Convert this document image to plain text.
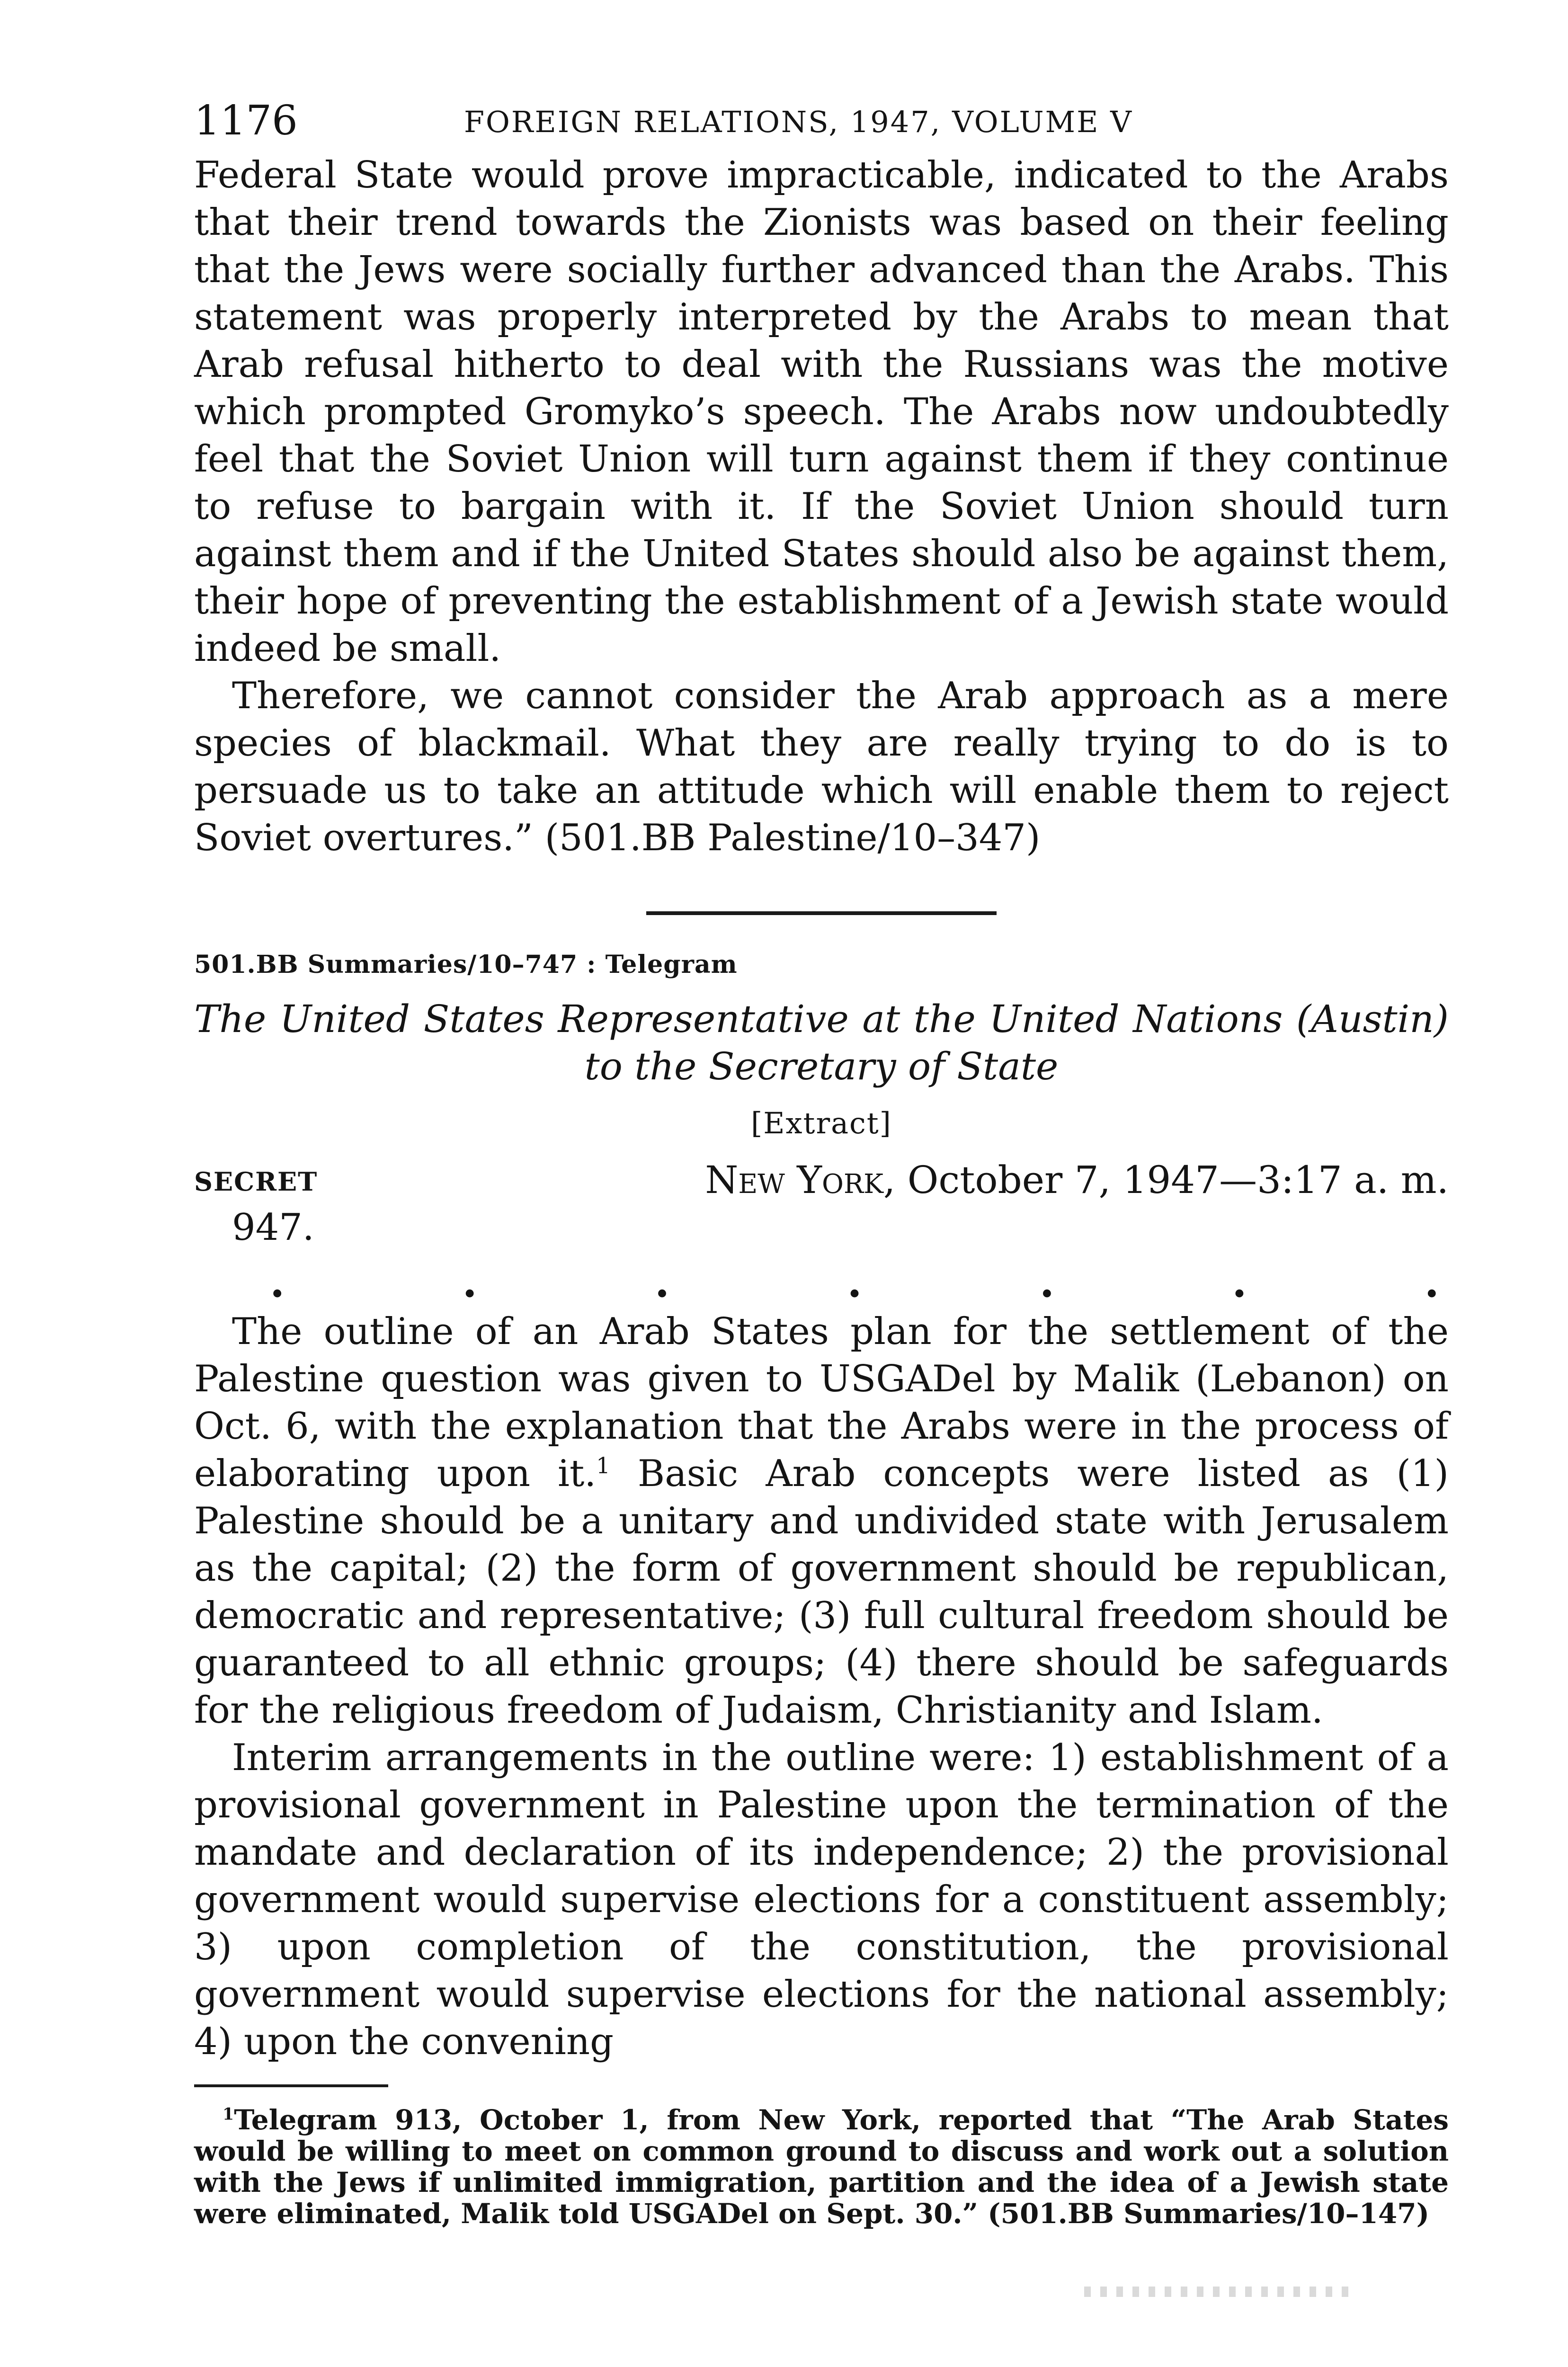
1176	FOREIGN RELATIONS, 1947, VOLUME V

Federal State would prove impracticable, indicated to the Arabs that their trend towards the Zionists was based on their feeling that the Jews were socially further advanced than the Arabs. This statement was properly interpreted by the Arabs to mean that Arab refusal hitherto to deal with the Russians was the motive which prompted Gromyko’s speech. The Arabs now undoubtedly feel that the Soviet Union will turn against them if they continue to refuse to bargain with it. If the Soviet Union should turn against them and if the United States should also be against them, their hope of preventing the establishment of a Jewish state would indeed be small.

Therefore, we cannot consider the Arab approach as a mere species of blackmail. What they are really trying to do is to persuade us to take an attitude which will enable them to reject Soviet overtures.” (501.BB Palestine/10–347)

501.BB Summaries/10–747 : Telegram
The United States Representative at the United Nations (Austin)
to the Secretary of State
[Extract]
SECRET	New York, October 7, 1947—3:17 a. m.
947.
.	.	.	.	.	.	.

The outline of an Arab States plan for the settlement of the Palestine question was given to USGADel by Malik (Lebanon) on Oct. 6, with the explanation that the Arabs were in the process of elaborating upon it.$^1$ Basic Arab concepts were listed as (1) Palestine should be a unitary and undivided state with Jerusalem as the capital; (2) the form of government should be republican, democratic and representative; (3) full cultural freedom should be guaranteed to all ethnic groups; (4) there should be safeguards for the religious freedom of Judaism, Christianity and Islam.

Interim arrangements in the outline were: 1) establishment of a provisional government in Palestine upon the termination of the mandate and declaration of its independence; 2) the provisional government would supervise elections for a constituent assembly; 3) upon completion of the constitution, the provisional government would supervise elections for the national assembly; 4) upon the convening

$^1$Telegram 913, October 1, from New York, reported that “The Arab States would be willing to meet on common ground to discuss and work out a solution with the Jews if unlimited immigration, partition and the idea of a Jewish state were eliminated, Malik told USGADel on Sept. 30.” (501.BB Summaries/10–147)
